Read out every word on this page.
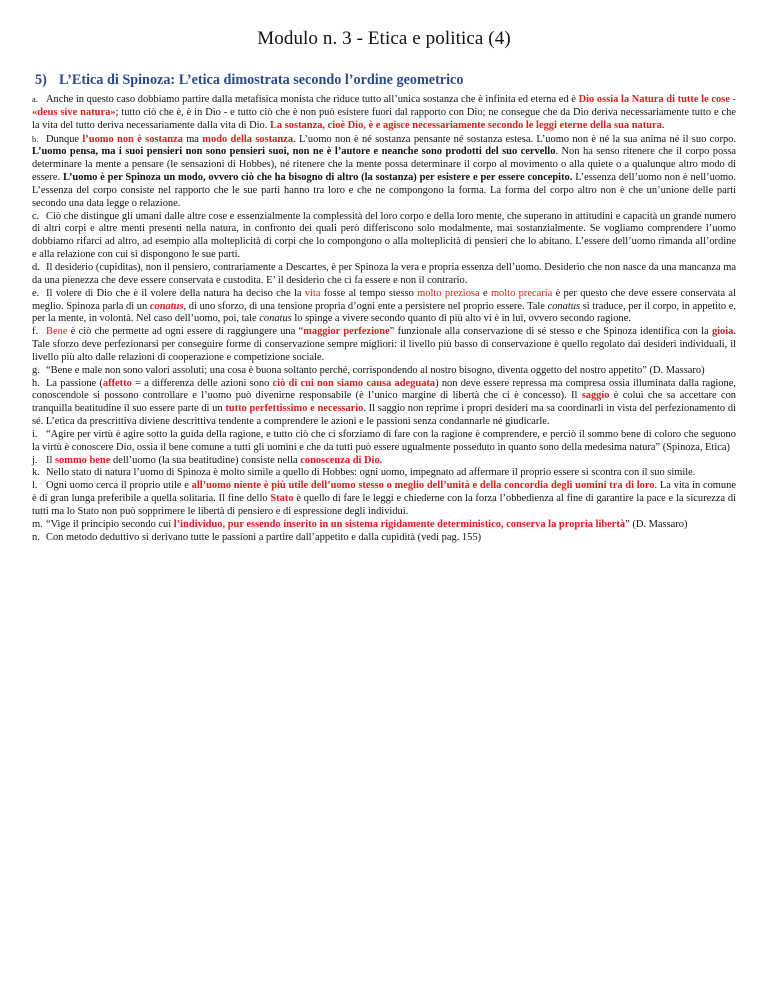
Modulo n. 3 - Etica e politica (4)
5) L’Etica di Spinoza: L’etica dimostrata secondo l’ordine geometrico

a. Anche in questo caso dobbiamo partire dalla metafisica monista che riduce tutto all’unica sostanza che è infinita ed eterna ed è Dio ossia la Natura di tutte le cose - «deus sive natura»; tutto ciò che è, è in Dio - e tutto ciò che è non può esistere fuori dal rapporto con Dio; ne consegue che da Dio deriva necessariamente tutto e che la vita del tutto deriva necessariamente dalla vita di Dio. La sostanza, cioè Dio, è e agisce necessariamente secondo le leggi eterne della sua natura.

b. Dunque l’uomo non è sostanza ma modo della sostanza. L’uomo non è né sostanza pensante né sostanza estesa. L’uomo non è né la sua anima né il suo corpo. L’uomo pensa, ma i suoi pensieri non sono pensieri suoi, non ne è l’autore e neanche sono prodotti del suo cervello. Non ha senso ritenere che il corpo possa determinare la mente a pensare (le sensazioni di Hobbes), né ritenere che la mente possa determinare il corpo al movimento o alla quiete o a qualunque altro modo di essere. L’uomo è per Spinoza un modo, ovvero ciò che ha bisogno di altro (la sostanza) per esistere e per essere concepito. L’essenza dell’uomo non è nell’uomo. L’essenza del corpo consiste nel rapporto che le sue parti hanno tra loro e che ne compongono la forma. La forma del corpo altro non è che un’unione delle parti secondo una data legge o relazione.

c. Ciò che distingue gli umani dalle altre cose e essenzialmente la complessità del loro corpo e della loro mente, che superano in attitudini e capacità un grande numero di altri corpi e altre menti presenti nella natura, in confronto dei quali però differiscono solo modalmente, mai sostanzialmente. Se vogliamo comprendere l’uomo dobbiamo rifarci ad altro, ad esempio alla molteplicità di corpi che lo compongono o alla molteplicità di pensieri che lo abitano. L’essere dell’uomo rimanda all’ordine e alla relazione con cui si dispongono le sue parti.

d. Il desiderio (cupiditas), non il pensiero, contrariamente a Descartes, è per Spinoza la vera e propria essenza dell’uomo. Desiderio che non nasce da una mancanza ma da una pienezza che deve essere conservata e custodita. E’ il desiderio che ci fa essere e non il contrario.

e. Il volere di Dio che è il volere della natura ha deciso che la vita fosse al tempo stesso molto preziosa e molto precaria è per questo che deve essere conservata al meglio. Spinoza parla di un conatus, di uno sforzo, di una tensione propria d’ogni ente a persistere nel proprio essere. Tale conatus si traduce, per il corpo, in appetito e, per la mente, in volontà. Nel caso dell’uomo, poi, tale conatus lo spinge a vivere secondo quanto di più alto vi è in lui, ovvero secondo ragione.

f. Bene è ciò che permette ad ogni essere di raggiungere una “maggior perfezione” funzionale alla conservazione di sé stesso e che Spinoza identifica con la gioia. Tale sforzo deve perfezionarsi per conseguire forme di conservazione sempre migliori: il livello più basso di conservazione è quello regolato dai desideri individuali, il livello più alto dalle relazioni di cooperazione e competizione sociale.

g. “Bene e male non sono valori assoluti; una cosa è buona soltanto perché, corrispondendo al nostro bisogno, diventa oggetto del nostro appetito” (D. Massaro)

h. La passione (affetto = a differenza delle azioni sono ciò di cui non siamo causa adeguata) non deve essere repressa ma compresa ossia illuminata dalla ragione, conoscendole si possono controllare e l’uomo può divenirne responsabile (è l’unico margine di libertà che ci è concesso). Il saggio è colui che sa accettare con tranquilla beatitudine il suo essere parte di un tutto perfettissimo e necessario. Il saggio non reprime i propri desideri ma sa coordinarli in vista del perfezionamento di sé. L’etica da prescrittiva diviene descrittiva tendente a comprendere le azioni e le passioni senza condannarle né giudicarle.

i. “Agire per virtù è agire sotto la guida della ragione, e tutto ciò che ci sforziamo di fare con la ragione è comprendere, e perciò il sommo bene di coloro che seguono la virtù è conoscere Dio, ossia il bene comune a tutti gli uomini e che da tutti può essere ugualmente posseduto in quanto sono della medesima natura” (Spinoza, Etica)

j. Il sommo bene dell’uomo (la sua beatitudine) consiste nella conoscenza di Dio.

k. Nello stato di natura l’uomo di Spinoza è molto simile a quello di Hobbes: ogni uomo, impegnato ad affermare il proprio essere si scontra con il suo simile.

l. Ogni uomo cerca il proprio utile e all’uomo niente è più utile dell’uomo stesso o meglio dell’unità e della concordia degli uomini tra di loro. La vita in comune è di gran lunga preferibile a quella solitaria. Il fine dello Stato è quello di fare le leggi e chiederne con la forza l’obbedienza al fine di garantire la pace e la sicurezza di tutti ma lo Stato non può sopprimere le libertà di pensiero e di espressione degli individui.

m. “Vige il principio secondo cui l’individuo, pur essendo inserito in un sistema rigidamente deterministico, conserva la propria libertà” (D. Massaro)

n. Con metodo deduttivo si derivano tutte le passioni a partire dall’appetito e dalla cupidità (vedi pag. 155)
